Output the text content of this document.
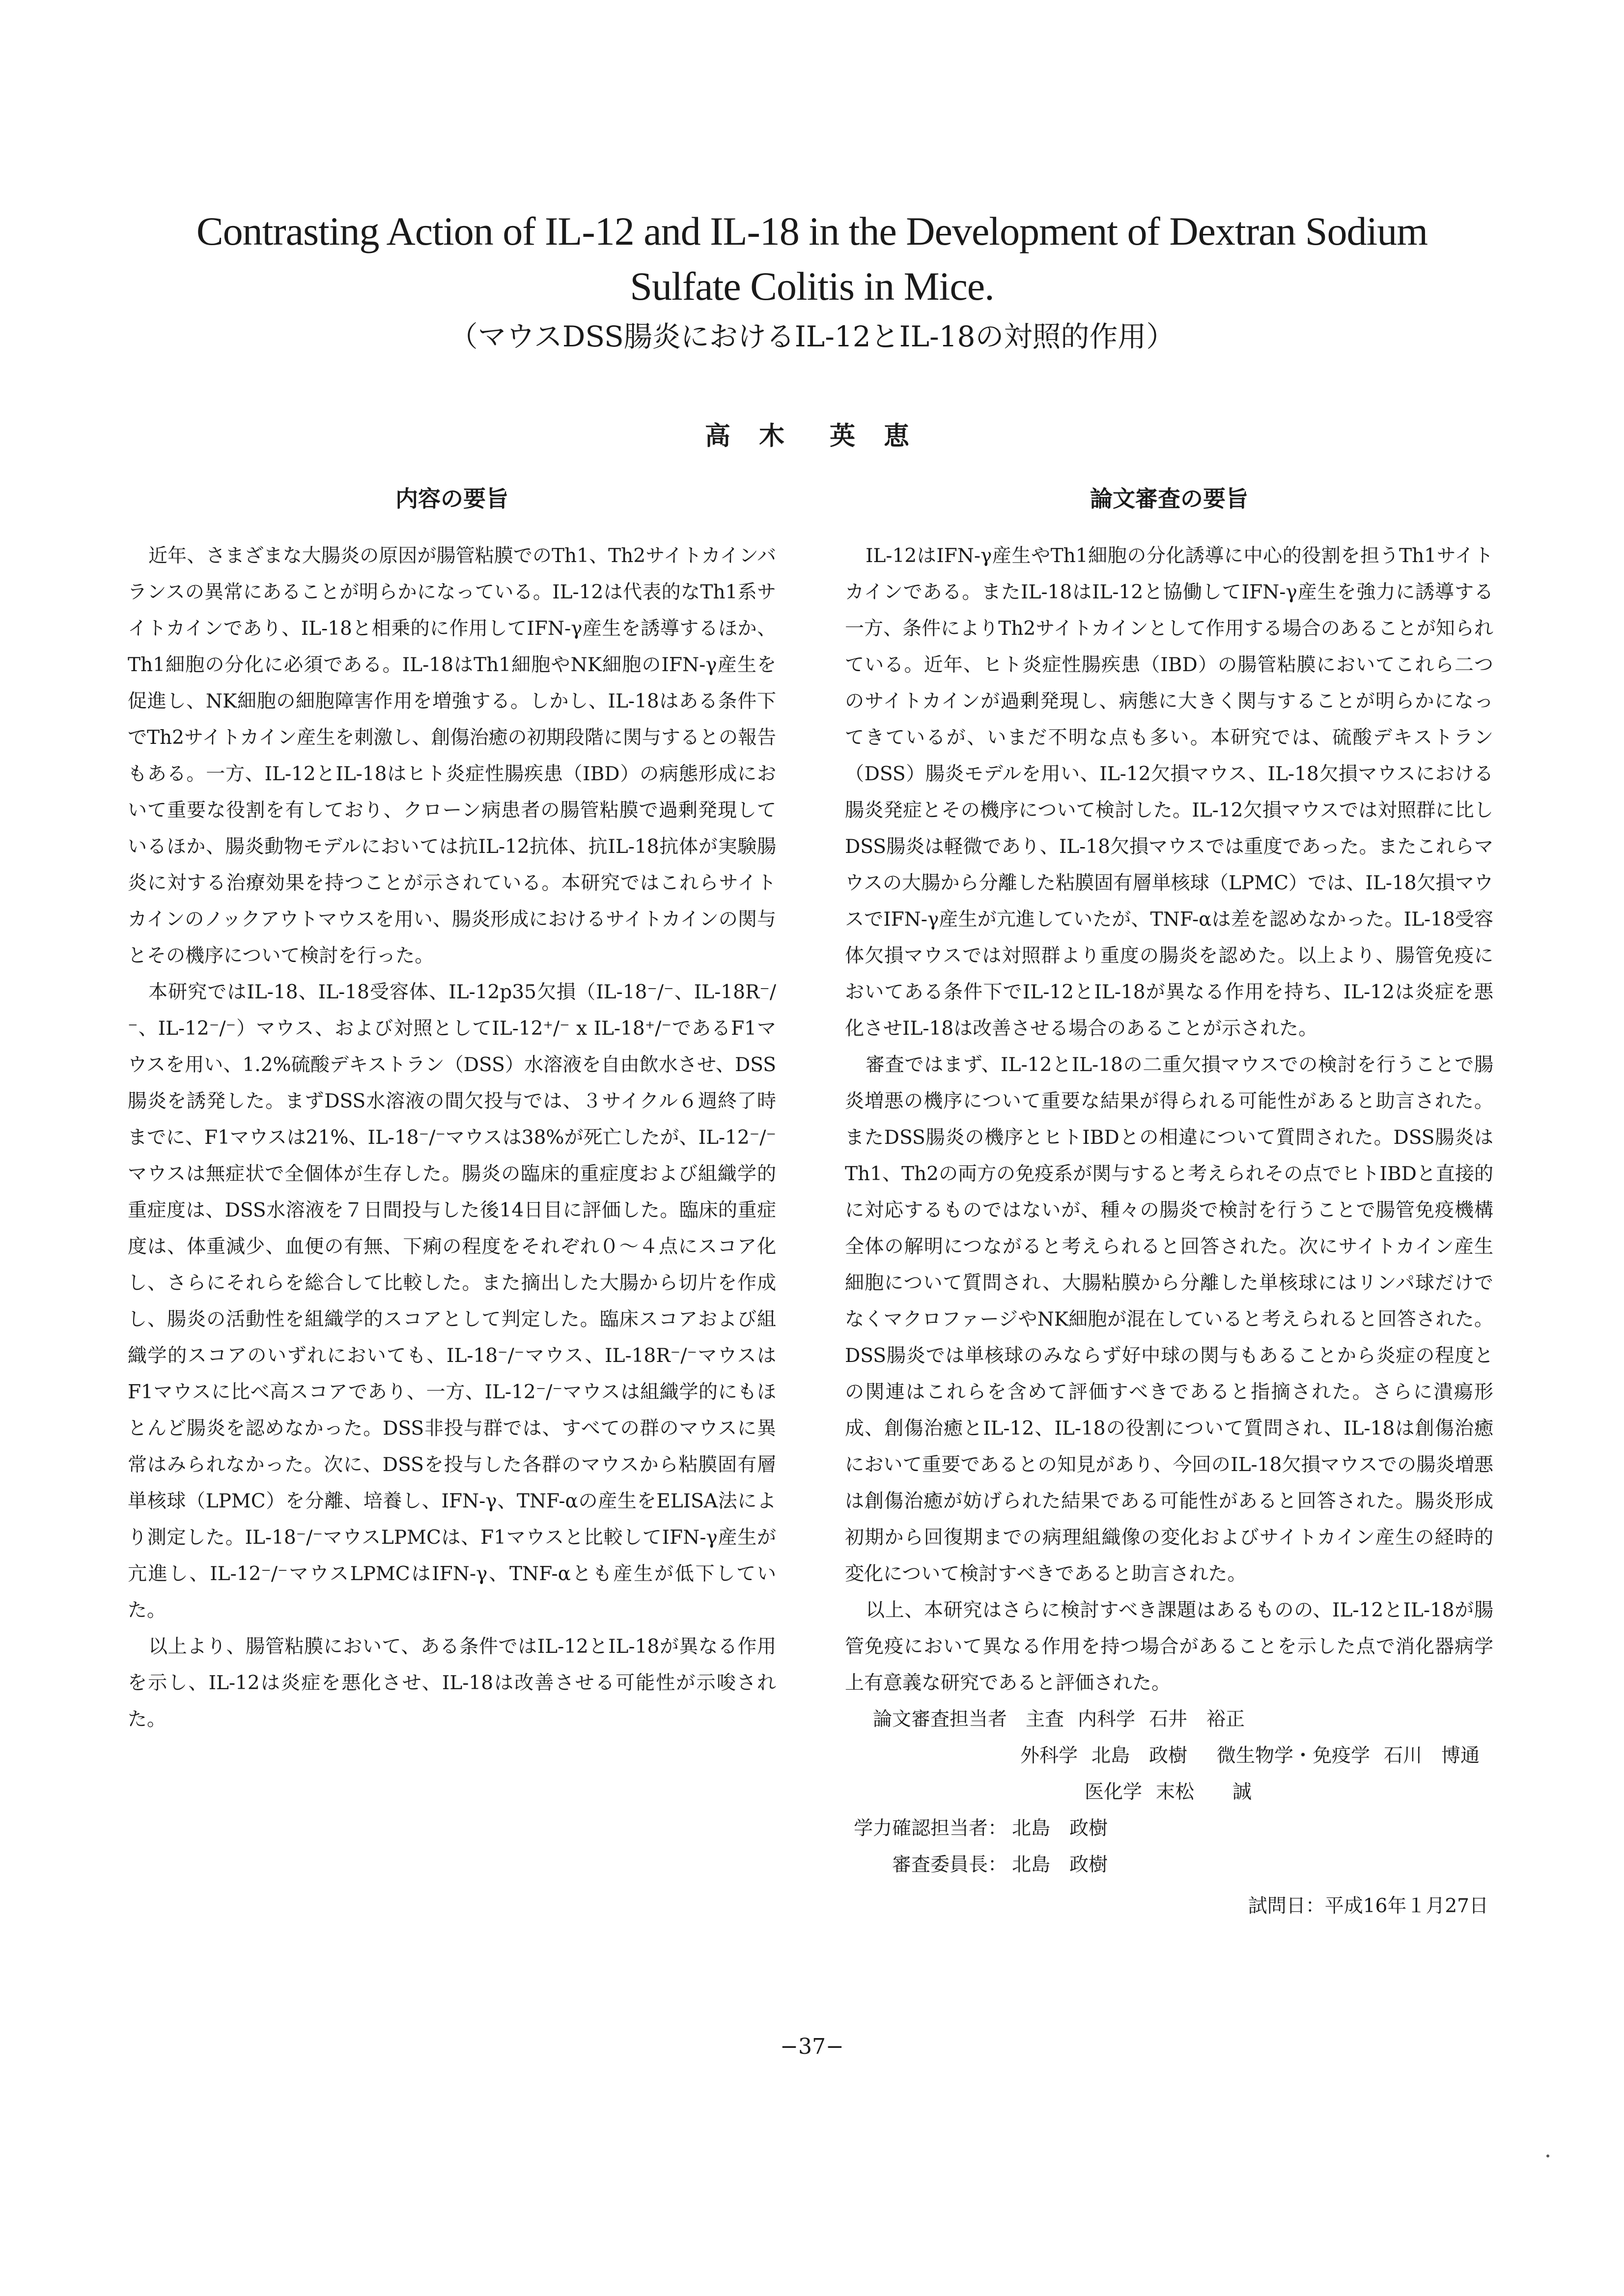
Contrasting Action of IL-12 and IL-18 in the Development of Dextran Sodium
Sulfate Colitis in Mice.
（マウスDSS腸炎におけるIL-12とIL-18の対照的作用）
高 木　英 恵
内容の要旨

近年、さまざまな大腸炎の原因が腸管粘膜でのTh1、Th2サイトカインバランスの異常にあることが明らかになっている。IL-12は代表的なTh1系サイトカインであり、IL-18と相乗的に作用してIFN-γ産生を誘導するほか、Th1細胞の分化に必須である。IL-18はTh1細胞やNK細胞のIFN-γ産生を促進し、NK細胞の細胞障害作用を増強する。しかし、IL-18はある条件下でTh2サイトカイン産生を刺激し、創傷治癒の初期段階に関与するとの報告もある。一方、IL-12とIL-18はヒト炎症性腸疾患（IBD）の病態形成において重要な役割を有しており、クローン病患者の腸管粘膜で過剰発現しているほか、腸炎動物モデルにおいては抗IL-12抗体、抗IL-18抗体が実験腸炎に対する治療効果を持つことが示されている。本研究ではこれらサイトカインのノックアウトマウスを用い、腸炎形成におけるサイトカインの関与とその機序について検討を行った。

本研究ではIL-18、IL-18受容体、IL-12p35欠損（IL-18⁻/⁻、IL-18R⁻/⁻、IL-12⁻/⁻）マウス、および対照としてIL-12⁺/⁻ x IL-18⁺/⁻であるF1マウスを用い、1.2%硫酸デキストラン（DSS）水溶液を自由飲水させ、DSS腸炎を誘発した。まずDSS水溶液の間欠投与では、３サイクル６週終了時までに、F1マウスは21%、IL-18⁻/⁻マウスは38%が死亡したが、IL-12⁻/⁻マウスは無症状で全個体が生存した。腸炎の臨床的重症度および組織学的重症度は、DSS水溶液を７日間投与した後14日目に評価した。臨床的重症度は、体重減少、血便の有無、下痢の程度をそれぞれ０～４点にスコア化し、さらにそれらを総合して比較した。また摘出した大腸から切片を作成し、腸炎の活動性を組織学的スコアとして判定した。臨床スコアおよび組織学的スコアのいずれにおいても、IL-18⁻/⁻マウス、IL-18R⁻/⁻マウスはF1マウスに比べ高スコアであり、一方、IL-12⁻/⁻マウスは組織学的にもほとんど腸炎を認めなかった。DSS非投与群では、すべての群のマウスに異常はみられなかった。次に、DSSを投与した各群のマウスから粘膜固有層単核球（LPMC）を分離、培養し、IFN-γ、TNF-αの産生をELISA法により測定した。IL-18⁻/⁻マウスLPMCは、F1マウスと比較してIFN-γ産生が亢進し、IL-12⁻/⁻マウスLPMCはIFN-γ、TNF-αとも産生が低下していた。

以上より、腸管粘膜において、ある条件ではIL-12とIL-18が異なる作用を示し、IL-12は炎症を悪化させ、IL-18は改善させる可能性が示唆された。

論文審査の要旨

IL-12はIFN-γ産生やTh1細胞の分化誘導に中心的役割を担うTh1サイトカインである。またIL-18はIL-12と協働してIFN-γ産生を強力に誘導する一方、条件によりTh2サイトカインとして作用する場合のあることが知られている。近年、ヒト炎症性腸疾患（IBD）の腸管粘膜においてこれら二つのサイトカインが過剰発現し、病態に大きく関与することが明らかになってきているが、いまだ不明な点も多い。本研究では、硫酸デキストラン（DSS）腸炎モデルを用い、IL-12欠損マウス、IL-18欠損マウスにおける腸炎発症とその機序について検討した。IL-12欠損マウスでは対照群に比しDSS腸炎は軽微であり、IL-18欠損マウスでは重度であった。またこれらマウスの大腸から分離した粘膜固有層単核球（LPMC）では、IL-18欠損マウスでIFN-γ産生が亢進していたが、TNF-αは差を認めなかった。IL-18受容体欠損マウスでは対照群より重度の腸炎を認めた。以上より、腸管免疫においてある条件下でIL-12とIL-18が異なる作用を持ち、IL-12は炎症を悪化させIL-18は改善させる場合のあることが示された。

審査ではまず、IL-12とIL-18の二重欠損マウスでの検討を行うことで腸炎増悪の機序について重要な結果が得られる可能性があると助言された。またDSS腸炎の機序とヒトIBDとの相違について質問された。DSS腸炎はTh1、Th2の両方の免疫系が関与すると考えられその点でヒトIBDと直接的に対応するものではないが、種々の腸炎で検討を行うことで腸管免疫機構全体の解明につながると考えられると回答された。次にサイトカイン産生細胞について質問され、大腸粘膜から分離した単核球にはリンパ球だけでなくマクロファージやNK細胞が混在していると考えられると回答された。DSS腸炎では単核球のみならず好中球の関与もあることから炎症の程度との関連はこれらを含めて評価すべきであると指摘された。さらに潰瘍形成、創傷治癒とIL-12、IL-18の役割について質問され、IL-18は創傷治癒において重要であるとの知見があり、今回のIL-18欠損マウスでの腸炎増悪は創傷治癒が妨げられた結果である可能性があると回答された。腸炎形成初期から回復期までの病理組織像の変化およびサイトカイン産生の経時的変化について検討すべきであると助言された。

以上、本研究はさらに検討すべき課題はあるものの、IL-12とIL-18が腸管免疫において異なる作用を持つ場合があることを示した点で消化器病学上有意義な研究であると評価された。

論文審査担当者 主査 内科学 石井　裕正
外科学 北島　政樹 微生物学・免疫学 石川　博通
医化学 末松　　誠
学力確認担当者： 北島　政樹
審査委員長： 北島　政樹
試問日：平成16年１月27日
−37−
